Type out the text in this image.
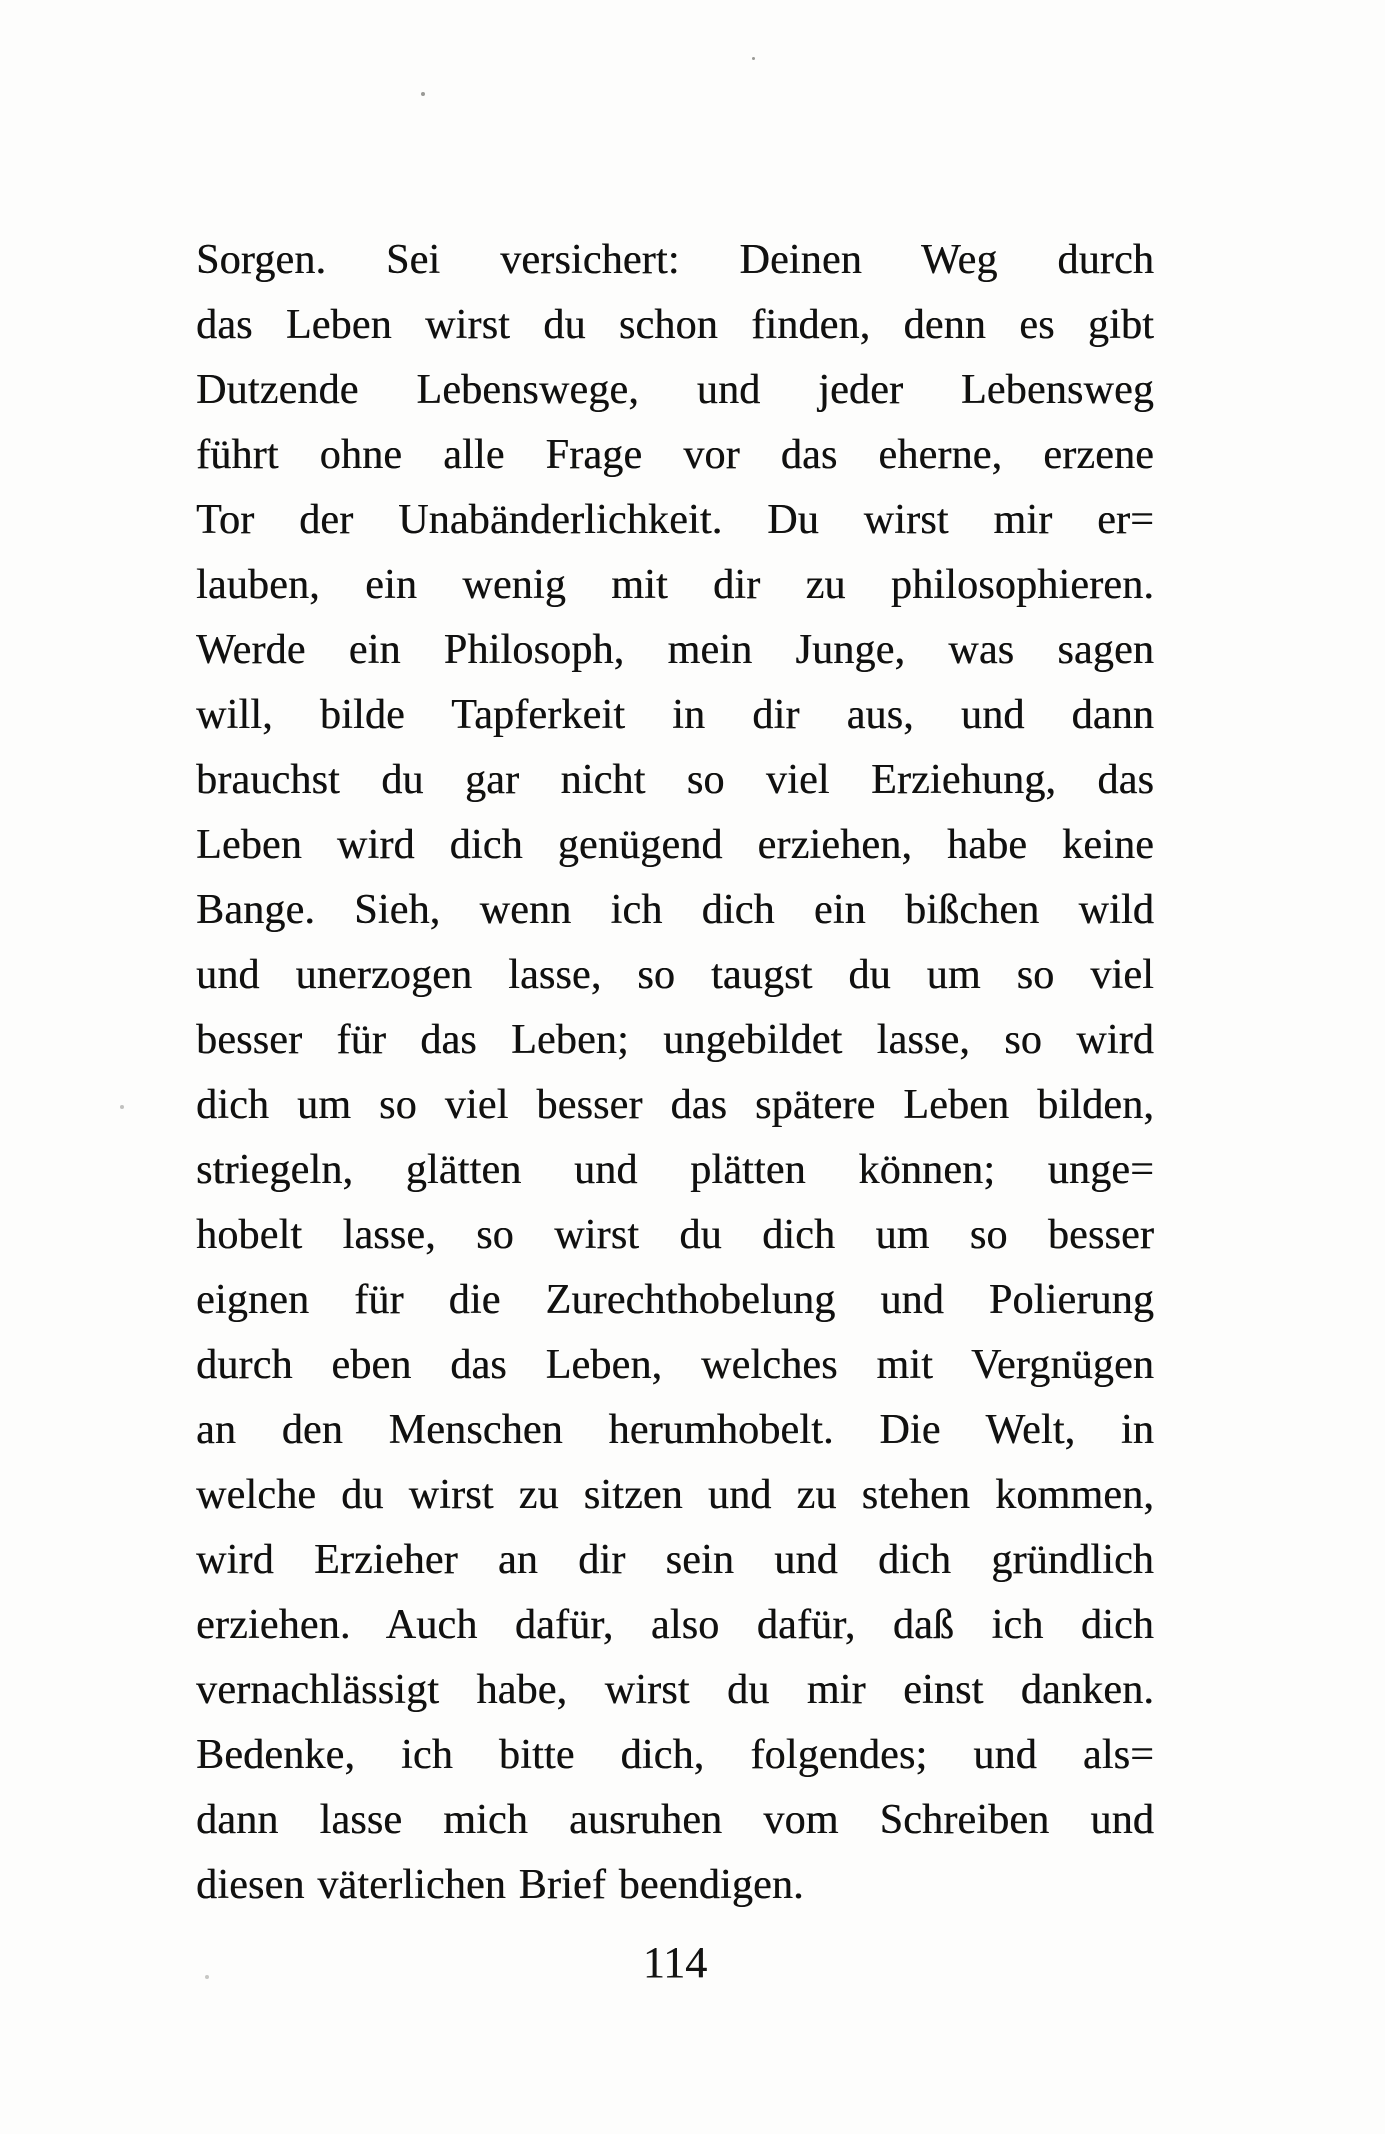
Sorgen. Sei versichert: Deinen Weg durch
das Leben wirst du schon finden, denn es gibt
Dutzende Lebenswege, und jeder Lebensweg
führt ohne alle Frage vor das eherne, erzene
Tor der Unabänderlichkeit. Du wirst mir er=
lauben, ein wenig mit dir zu philosophieren.
Werde ein Philosoph, mein Junge, was sagen
will, bilde Tapferkeit in dir aus, und dann
brauchst du gar nicht so viel Erziehung, das
Leben wird dich genügend erziehen, habe keine
Bange. Sieh, wenn ich dich ein bißchen wild
und unerzogen lasse, so taugst du um so viel
besser für das Leben; ungebildet lasse, so wird
dich um so viel besser das spätere Leben bilden,
striegeln, glätten und plätten können; unge=
hobelt lasse, so wirst du dich um so besser
eignen für die Zurechthobelung und Polierung
durch eben das Leben, welches mit Vergnügen
an den Menschen herumhobelt. Die Welt, in
welche du wirst zu sitzen und zu stehen kommen,
wird Erzieher an dir sein und dich gründlich
erziehen. Auch dafür, also dafür, daß ich dich
vernachlässigt habe, wirst du mir einst danken.
Bedenke, ich bitte dich, folgendes; und als=
dann lasse mich ausruhen vom Schreiben und
diesen väterlichen Brief beendigen.
114
